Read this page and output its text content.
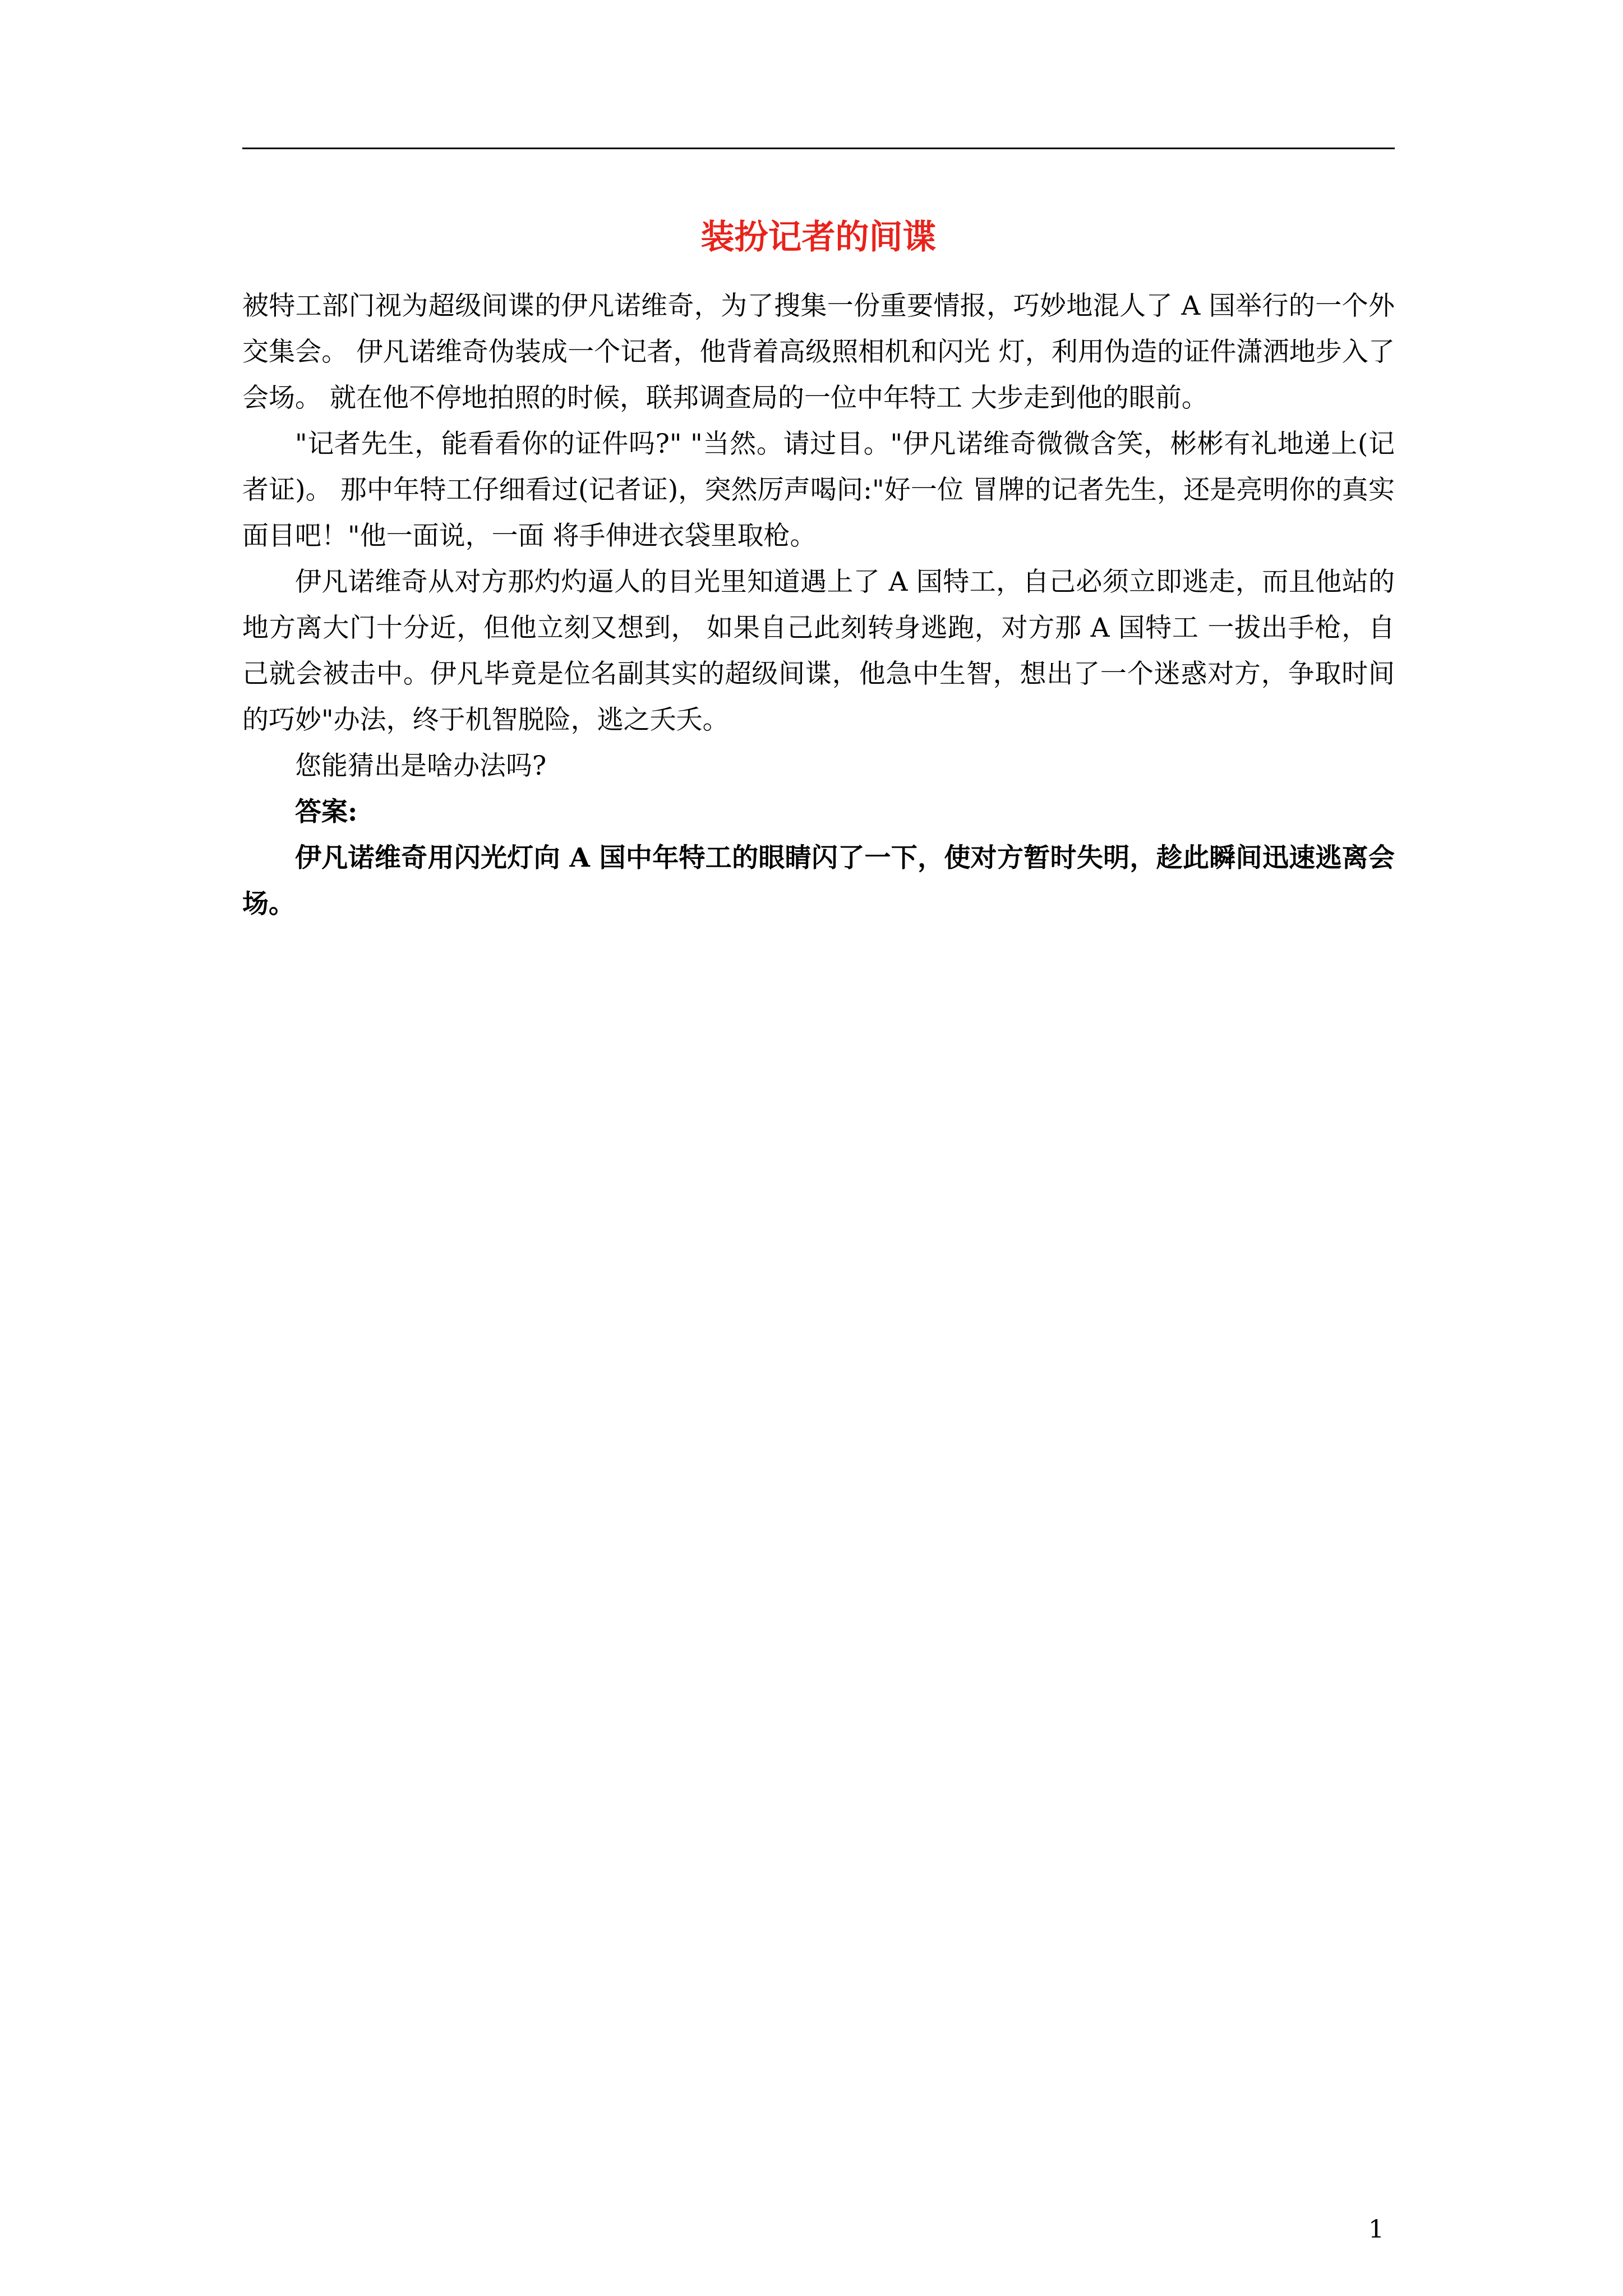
装扮记者的间谍

被特工部门视为超级间谍的伊凡诺维奇，为了搜集一份重要情报，巧妙地混人了 A 国举行的一个外交集会。 伊凡诺维奇伪装成一个记者，他背着高级照相机和闪光 灯，利用伪造的证件潇洒地步入了会场。 就在他不停地拍照的时候，联邦调查局的一位中年特工 大步走到他的眼前。

"记者先生，能看看你的证件吗?" "当然。请过目。"伊凡诺维奇微微含笑，彬彬有礼地递上(记者证)。 那中年特工仔细看过(记者证)，突然厉声喝问:"好一位 冒牌的记者先生，还是亮明你的真实面目吧！"他一面说，一面 将手伸进衣袋里取枪。

伊凡诺维奇从对方那灼灼逼人的目光里知道遇上了 A 国特工，自己必须立即逃走，而且他站的地方离大门十分近，但他立刻又想到， 如果自己此刻转身逃跑，对方那 A 国特工 一拔出手枪，自己就会被击中。伊凡毕竟是位名副其实的超级间谍，他急中生智，想出了一个迷惑对方，争取时间的巧妙"办法，终于机智脱险，逃之夭夭。

您能猜出是啥办法吗?

答案:

伊凡诺维奇用闪光灯向 A 国中年特工的眼睛闪了一下，使对方暂时失明，趁此瞬间迅速逃离会场。

1
